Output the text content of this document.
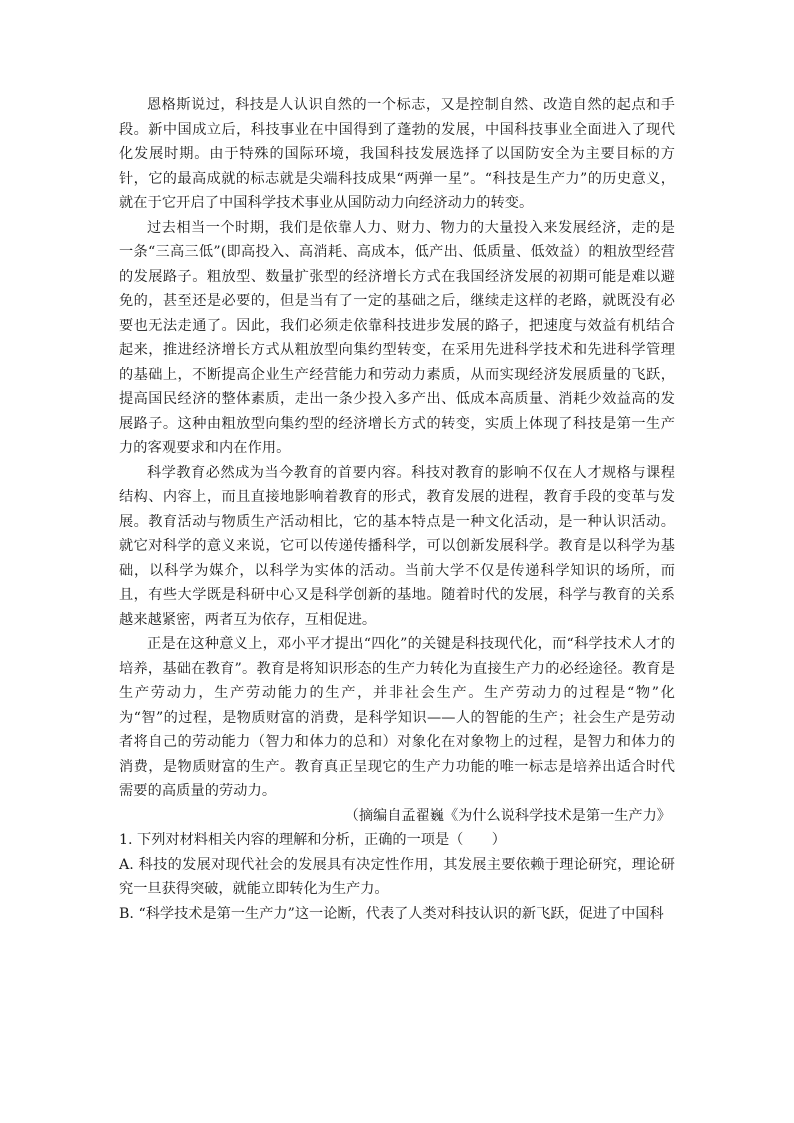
恩格斯说过，科技是人认识自然的一个标志，又是控制自然、改造自然的起点和手段。新中国成立后，科技事业在中国得到了蓬勃的发展，中国科技事业全面进入了现代化发展时期。由于特殊的国际环境，我国科技发展选择了以国防安全为主要目标的方针，它的最高成就的标志就是尖端科技成果“两弹一星”。“科技是生产力”的历史意义，就在于它开启了中国科学技术事业从国防动力向经济动力的转变。

过去相当一个时期，我们是依靠人力、财力、物力的大量投入来发展经济，走的是一条“三高三低”(即高投入、高消耗、高成本，低产出、低质量、低效益）的粗放型经营的发展路子。粗放型、数量扩张型的经济增长方式在我国经济发展的初期可能是难以避免的，甚至还是必要的，但是当有了一定的基础之后，继续走这样的老路，就既没有必要也无法走通了。因此，我们必须走依靠科技进步发展的路子，把速度与效益有机结合起来，推进经济增长方式从粗放型向集约型转变，在采用先进科学技术和先进科学管理的基础上，不断提高企业生产经营能力和劳动力素质，从而实现经济发展质量的飞跃，提高国民经济的整体素质，走出一条少投入多产出、低成本高质量、消耗少效益高的发展路子。这种由粗放型向集约型的经济增长方式的转变，实质上体现了科技是第一生产力的客观要求和内在作用。

科学教育必然成为当今教育的首要内容。科技对教育的影响不仅在人才规格与课程结构、内容上，而且直接地影响着教育的形式，教育发展的进程，教育手段的变革与发展。教育活动与物质生产活动相比，它的基本特点是一种文化活动，是一种认识活动。就它对科学的意义来说，它可以传递传播科学，可以创新发展科学。教育是以科学为基础，以科学为媒介，以科学为实体的活动。当前大学不仅是传递科学知识的场所，而且，有些大学既是科研中心又是科学创新的基地。随着时代的发展，科学与教育的关系越来越紧密，两者互为依存，互相促进。

正是在这种意义上，邓小平才提出“四化”的关键是科技现代化，而“科学技术人才的培养，基础在教育”。教育是将知识形态的生产力转化为直接生产力的必经途径。教育是生产劳动力，生产劳动能力的生产，并非社会生产。生产劳动力的过程是“物”化为“智”的过程，是物质财富的消费，是科学知识——人的智能的生产；社会生产是劳动者将自己的劳动能力（智力和体力的总和）对象化在对象物上的过程，是智力和体力的消费，是物质财富的生产。教育真正呈现它的生产力功能的唯一标志是培养出适合时代需要的高质量的劳动力。

（摘编自孟翟巍《为什么说科学技术是第一生产力》

1. 下列对材料相关内容的理解和分析，正确的一项是（　　）

A. 科技的发展对现代社会的发展具有决定性作用，其发展主要依赖于理论研究，理论研究一旦获得突破，就能立即转化为生产力。

B. “科学技术是第一生产力”这一论断，代表了人类对科技认识的新飞跃，促进了中国科
